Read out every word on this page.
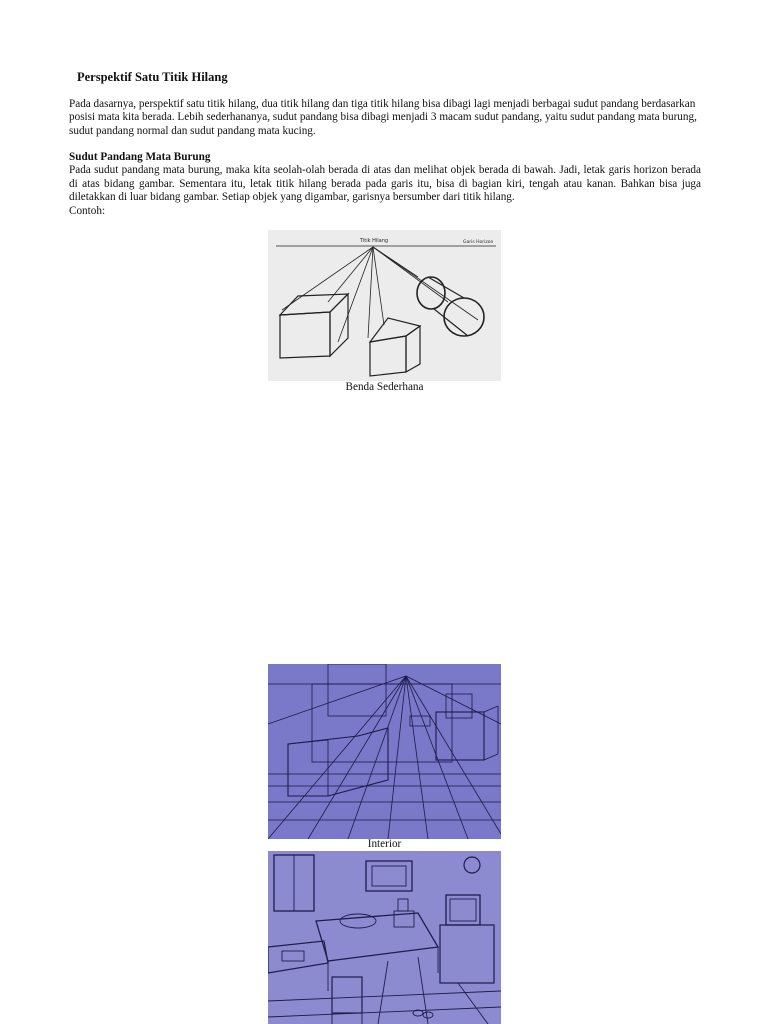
Perspektif Satu Titik Hilang
Pada dasarnya, perspektif satu titik hilang, dua titik hilang dan tiga titik hilang bisa dibagi lagi menjadi berbagai sudut pandang berdasarkan posisi mata kita berada. Lebih sederhananya, sudut pandang bisa dibagi menjadi 3 macam sudut pandang, yaitu sudut pandang mata burung, sudut pandang normal dan sudut pandang mata kucing.
Sudut Pandang Mata Burung
Pada sudut pandang mata burung, maka kita seolah-olah berada di atas dan melihat objek berada di bawah. Jadi, letak garis horizon berada di atas bidang gambar. Sementara itu, letak titik hilang berada pada garis itu, bisa di bagian kiri, tengah atau kanan. Bahkan bisa juga diletakkan di luar bidang gambar. Setiap objek yang digambar, garisnya bersumber dari titik hilang.
Contoh:
Titik Hilang	Garis Horizon
Benda Sederhana
Interior
